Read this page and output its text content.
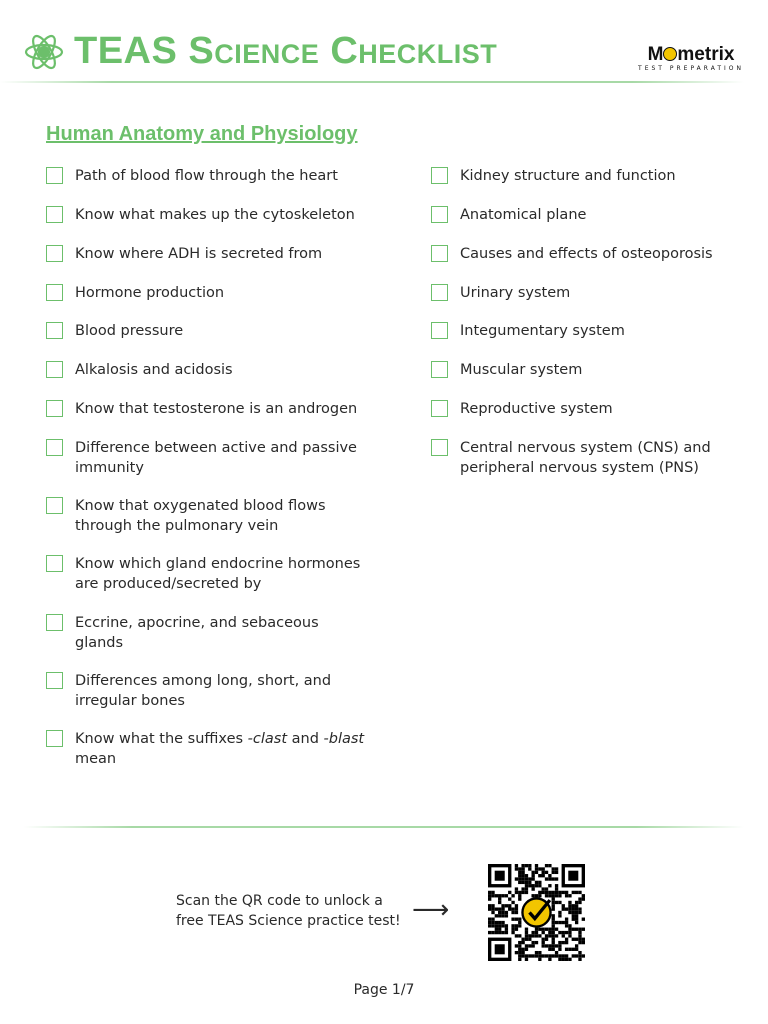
TEAS Science Checklist	M metrix
TEST PREPARATION
Human Anatomy and Physiology
Path of blood flow through the heart
Know what makes up the cytoskeleton
Know where ADH is secreted from
Hormone production
Blood pressure
Alkalosis and acidosis
Know that testosterone is an androgen
Difference between active and passive immunity
Know that oxygenated blood flows through the pulmonary vein
Know which gland endocrine hormones are produced/secreted by
Eccrine, apocrine, and sebaceous glands
Differences among long, short, and irregular bones
Know what the suffixes -clast and -blast mean
Kidney structure and function
Anatomical plane
Causes and effects of osteoporosis
Urinary system
Integumentary system
Muscular system
Reproductive system
Central nervous system (CNS) and peripheral nervous system (PNS)
Scan the QR code to unlock a
free TEAS Science practice test! ⟶
Page 1/7
